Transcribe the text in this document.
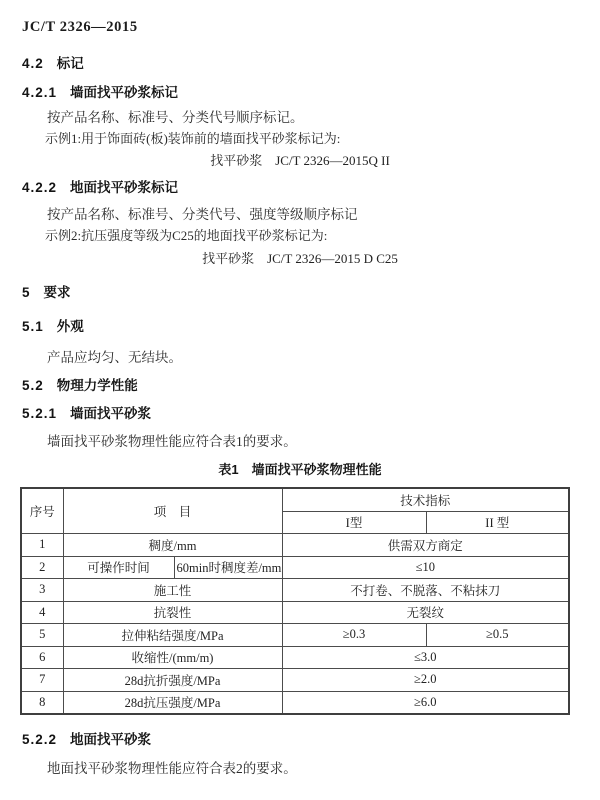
JC/T 2326—2015
4.2 标记
4.2.1 墙面找平砂浆标记
按产品名称、标准号、分类代号顺序标记。
示例1:用于饰面砖(板)装饰前的墙面找平砂浆标记为:
找平砂浆　JC/T 2326—2015Q II
4.2.2 地面找平砂浆标记
按产品名称、标准号、分类代号、强度等级顺序标记
示例2:抗压强度等级为C25的地面找平砂浆标记为:
找平砂浆　JC/T 2326—2015 D C25
5 要求
5.1 外观
产品应均匀、无结块。
5.2 物理力学性能
5.2.1 墙面找平砂浆
墙面找平砂浆物理性能应符合表1的要求。
表1　墙面找平砂浆物理性能
序号	项　目		技术指标	
			I型	II 型
1	稠度/mm		供需双方商定	
2	可操作时间	60min时稠度差/mm	≤10	
3	施工性		不打卷、不脱落、不粘抹刀	
4	抗裂性		无裂纹	
5	拉伸粘结强度/MPa		≥0.3	≥0.5
6	收缩性/(mm/m)		≤3.0	
7	28d抗折强度/MPa		≥2.0	
8	28d抗压强度/MPa		≥6.0	
5.2.2 地面找平砂浆
地面找平砂浆物理性能应符合表2的要求。
